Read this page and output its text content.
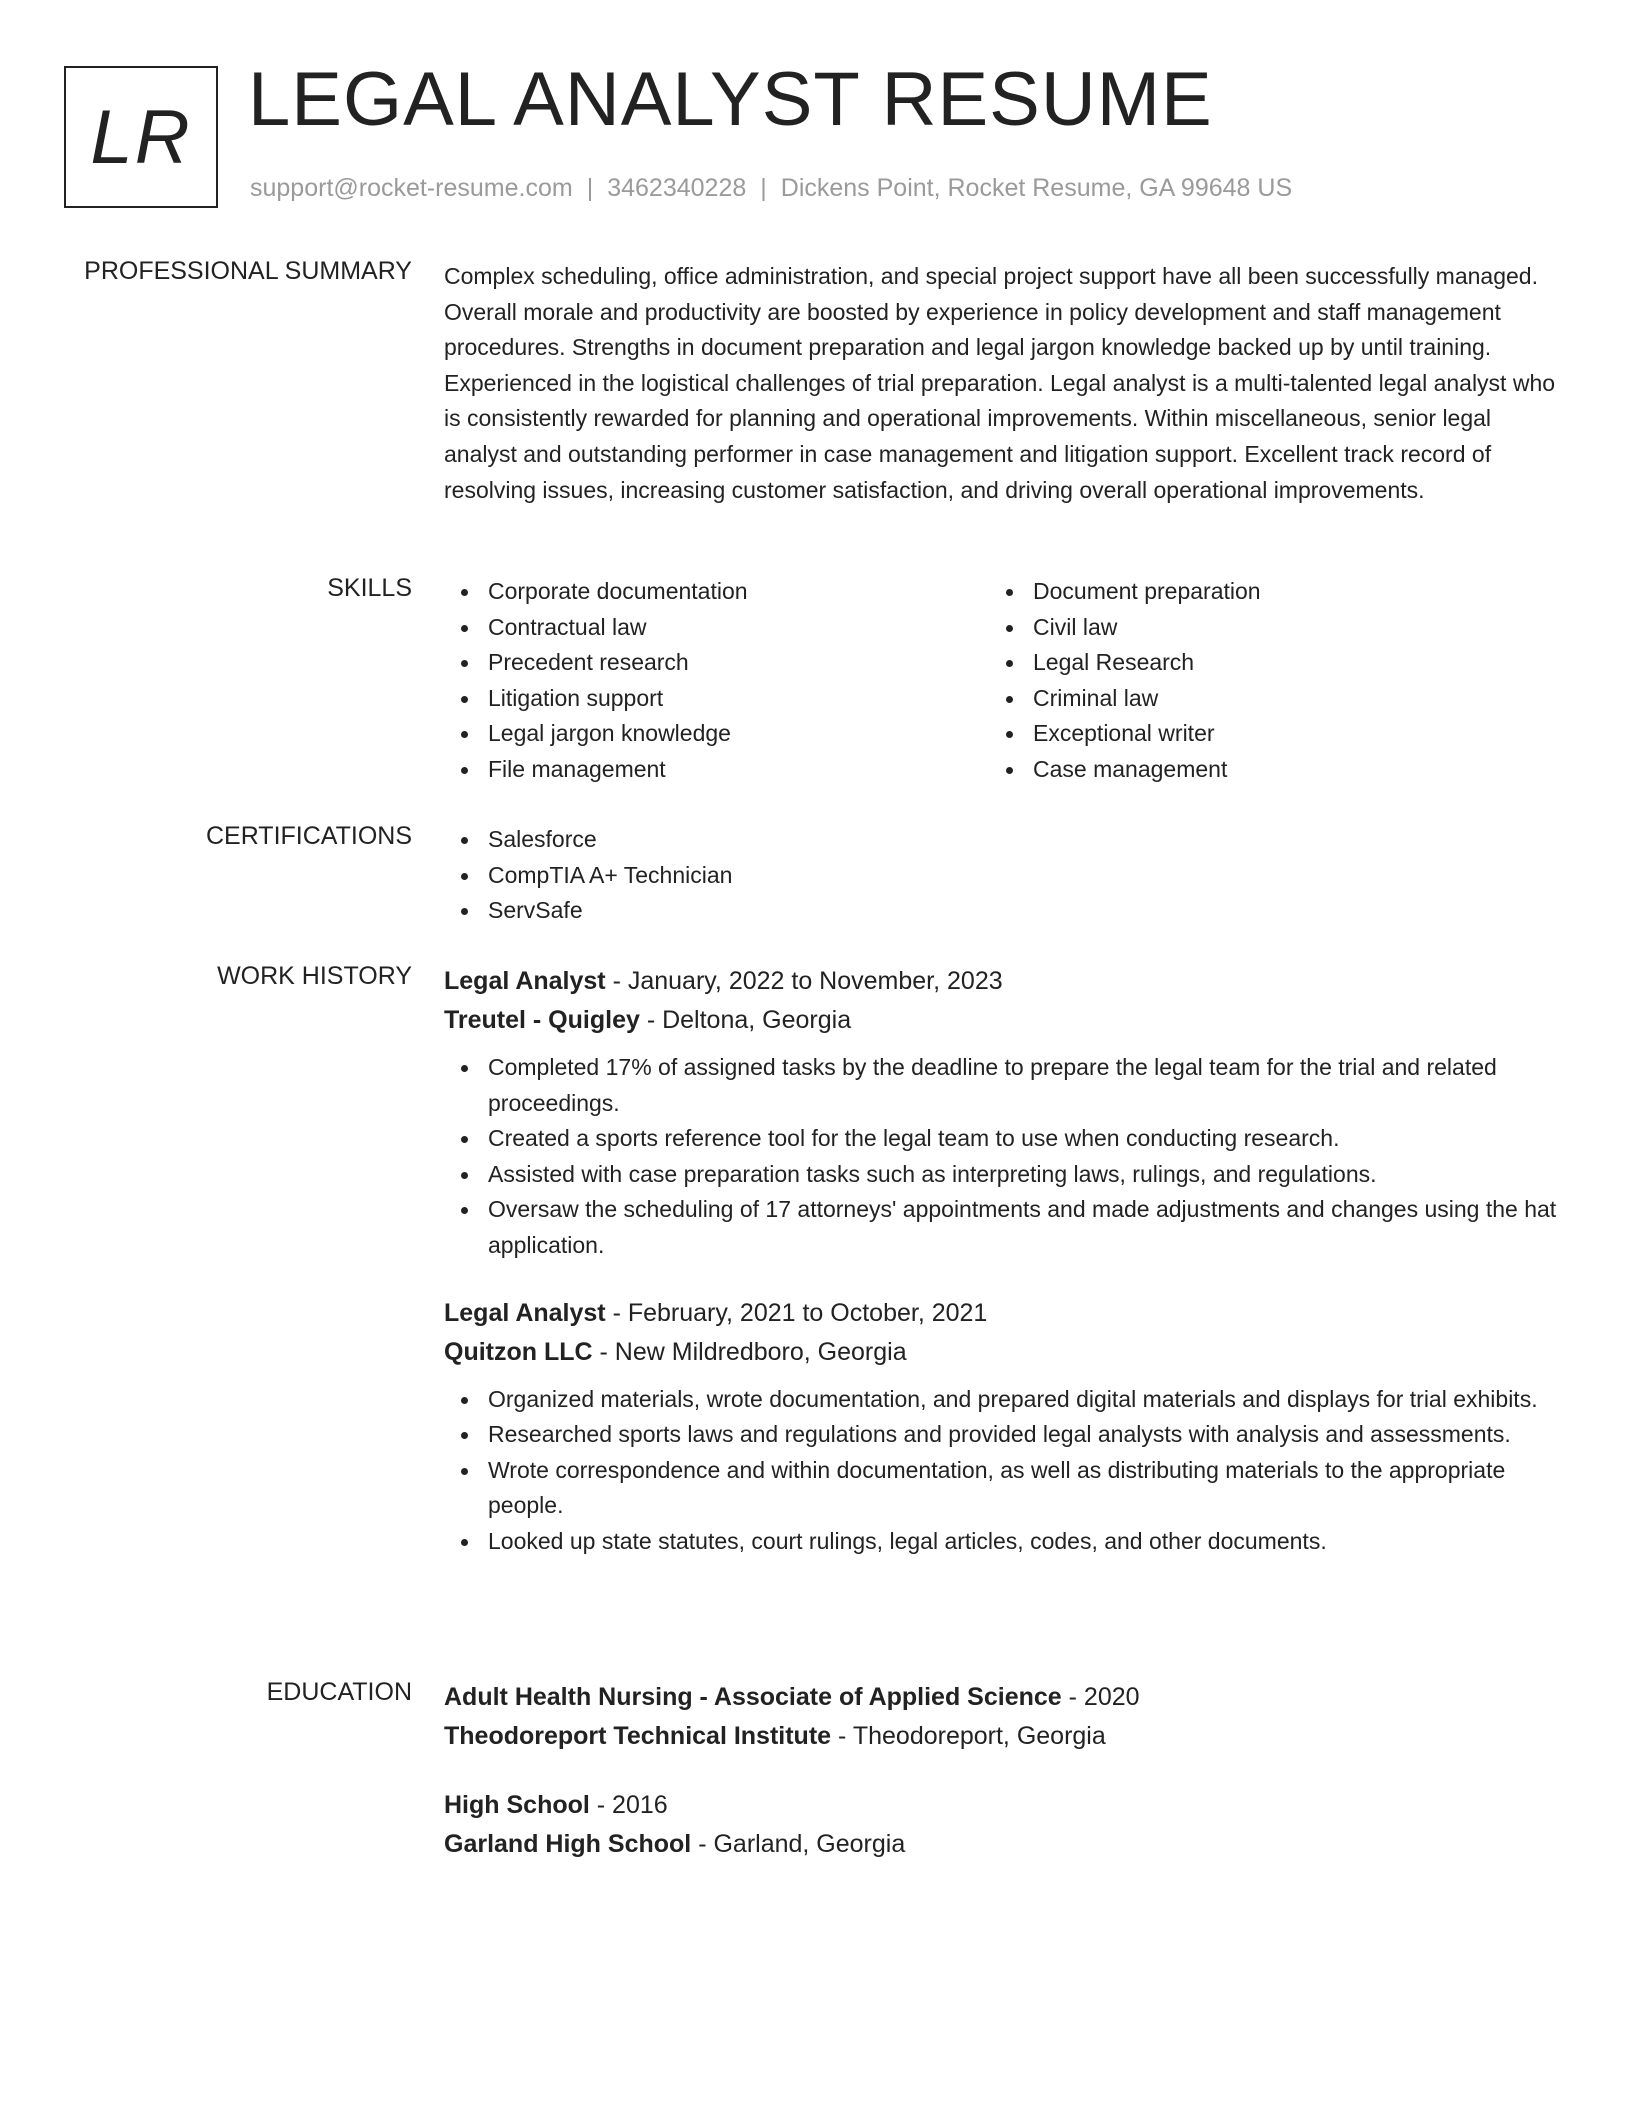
LR LEGAL ANALYST RESUME
support@rocket-resume.com | 3462340228 | Dickens Point, Rocket Resume, GA 99648 US
PROFESSIONAL SUMMARY Complex scheduling, office administration, and special project support have all been successfully managed. Overall morale and productivity are boosted by experience in policy development and staff management procedures. Strengths in document preparation and legal jargon knowledge backed up by until training. Experienced in the logistical challenges of trial preparation. Legal analyst is a multi-talented legal analyst who is consistently rewarded for planning and operational improvements. Within miscellaneous, senior legal analyst and outstanding performer in case management and litigation support. Excellent track record of resolving issues, increasing customer satisfaction, and driving overall operational improvements.
SKILLS	Corporate documentation
Contractual law
Precedent research
Litigation support
Legal jargon knowledge
File management
Document preparation
Civil law
Legal Research
Criminal law
Exceptional writer
Case management
CERTIFICATIONS	Salesforce
CompTIA A+ Technician
ServSafe
WORK HISTORY Legal Analyst - January, 2022 to November, 2023
Treutel - Quigley - Deltona, Georgia
Completed 17% of assigned tasks by the deadline to prepare the legal team for the trial and related proceedings.
Created a sports reference tool for the legal team to use when conducting research.
Assisted with case preparation tasks such as interpreting laws, rulings, and regulations.
Oversaw the scheduling of 17 attorneys' appointments and made adjustments and changes using the hat application.
Legal Analyst - February, 2021 to October, 2021
Quitzon LLC - New Mildredboro, Georgia
Organized materials, wrote documentation, and prepared digital materials and displays for trial exhibits.
Researched sports laws and regulations and provided legal analysts with analysis and assessments.
Wrote correspondence and within documentation, as well as distributing materials to the appropriate people.
Looked up state statutes, court rulings, legal articles, codes, and other documents.
EDUCATION Adult Health Nursing - Associate of Applied Science - 2020
Theodoreport Technical Institute - Theodoreport, Georgia
High School - 2016
Garland High School - Garland, Georgia
